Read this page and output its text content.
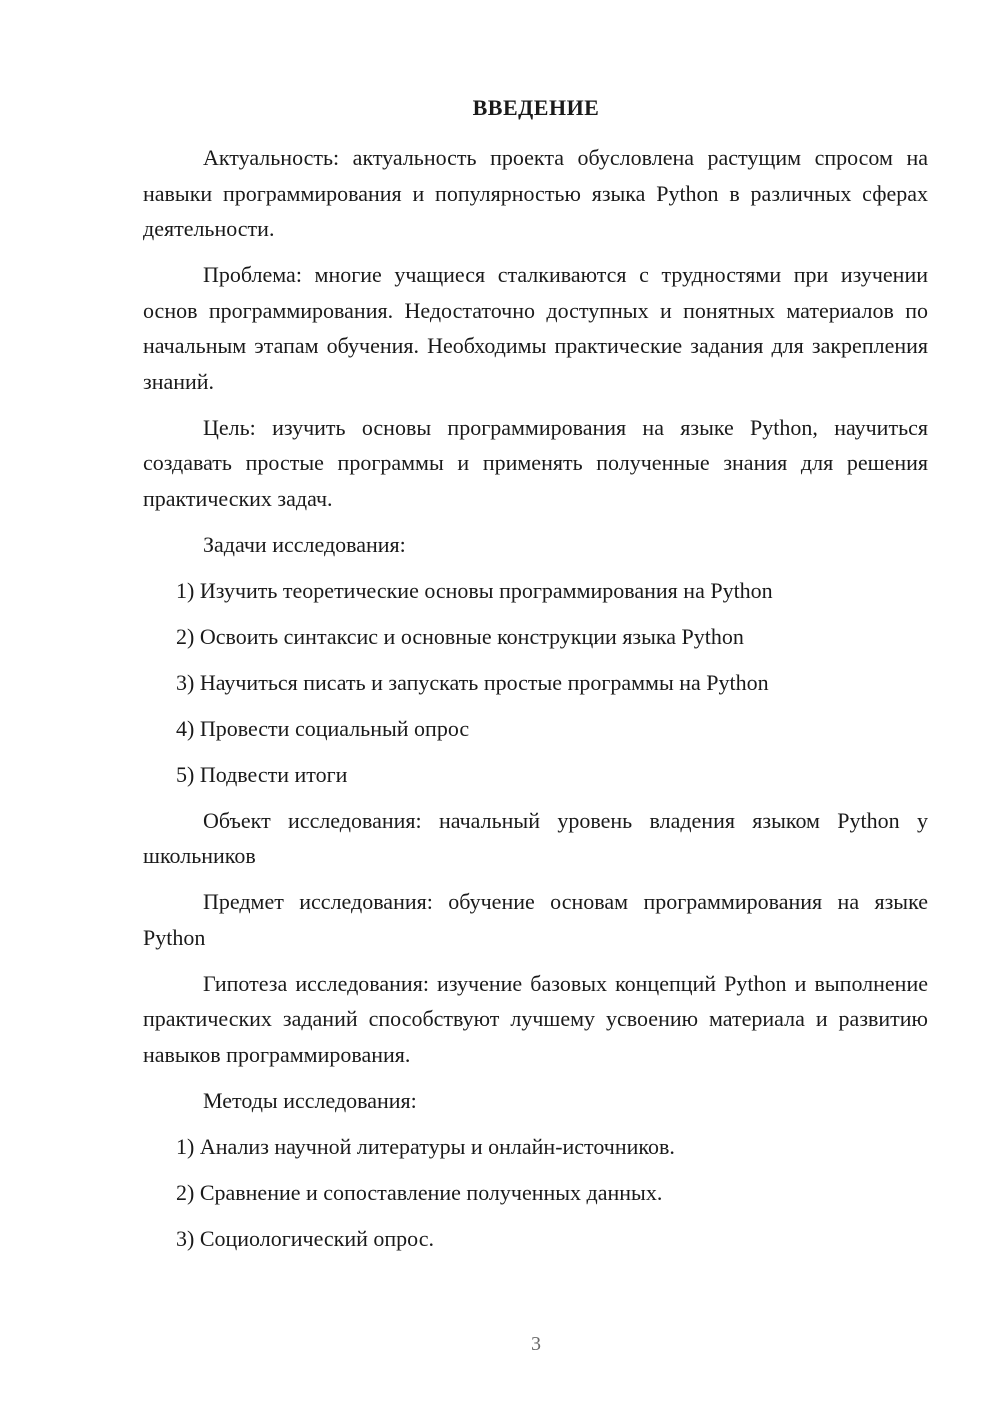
ВВЕДЕНИЕ

Актуальность: актуальность проекта обусловлена растущим спросом на навыки программирования и популярностью языка Python в различных сферах деятельности.

Проблема: многие учащиеся сталкиваются с трудностями при изучении основ программирования. Недостаточно доступных и понятных материалов по начальным этапам обучения. Необходимы практические задания для закрепления знаний.

Цель: изучить основы программирования на языке Python, научиться создавать простые программы и применять полученные знания для решения практических задач.

Задачи исследования:

1) Изучить теоретические основы программирования на Python
2) Освоить синтаксис и основные конструкции языка Python
3) Научиться писать и запускать простые программы на Python
4) Провести социальный опрос
5) Подвести итоги

Объект исследования: начальный уровень владения языком Python у школьников

Предмет исследования: обучение основам программирования на языке Python

Гипотеза исследования: изучение базовых концепций Python и выполнение практических заданий способствуют лучшему усвоению материала и развитию навыков программирования.

Методы исследования:

1) Анализ научной литературы и онлайн-источников.
2) Сравнение и сопоставление полученных данных.
3) Социологический опрос.
3
